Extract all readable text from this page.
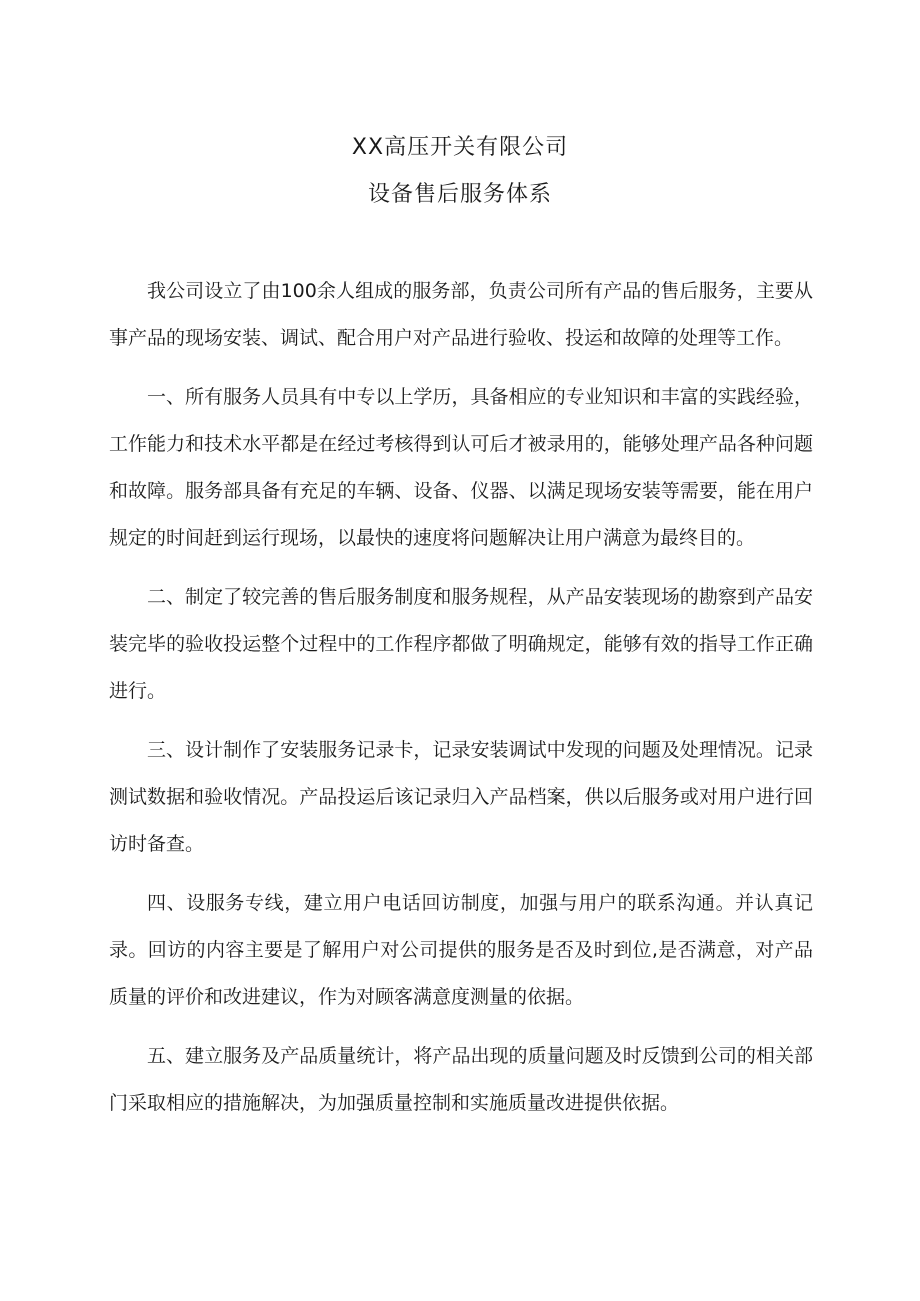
XX高压开关有限公司
设备售后服务体系

我公司设立了由100余人组成的服务部，负责公司所有产品的售后服务，主要从事产品的现场安装、调试、配合用户对产品进行验收、投运和故障的处理等工作。

一、所有服务人员具有中专以上学历，具备相应的专业知识和丰富的实践经验，工作能力和技术水平都是在经过考核得到认可后才被录用的，能够处理产品各种问题和故障。服务部具备有充足的车辆、设备、仪器、以满足现场安装等需要，能在用户规定的时间赶到运行现场，以最快的速度将问题解决让用户满意为最终目的。

二、制定了较完善的售后服务制度和服务规程，从产品安装现场的勘察到产品安装完毕的验收投运整个过程中的工作程序都做了明确规定，能够有效的指导工作正确进行。

三、设计制作了安装服务记录卡，记录安装调试中发现的问题及处理情况。记录测试数据和验收情况。产品投运后该记录归入产品档案，供以后服务或对用户进行回访时备查。

四、设服务专线，建立用户电话回访制度，加强与用户的联系沟通。并认真记录。回访的内容主要是了解用户对公司提供的服务是否及时到位,是否满意，对产品质量的评价和改进建议，作为对顾客满意度测量的依据。

五、建立服务及产品质量统计，将产品出现的质量问题及时反馈到公司的相关部门采取相应的措施解决，为加强质量控制和实施质量改进提供依据。
